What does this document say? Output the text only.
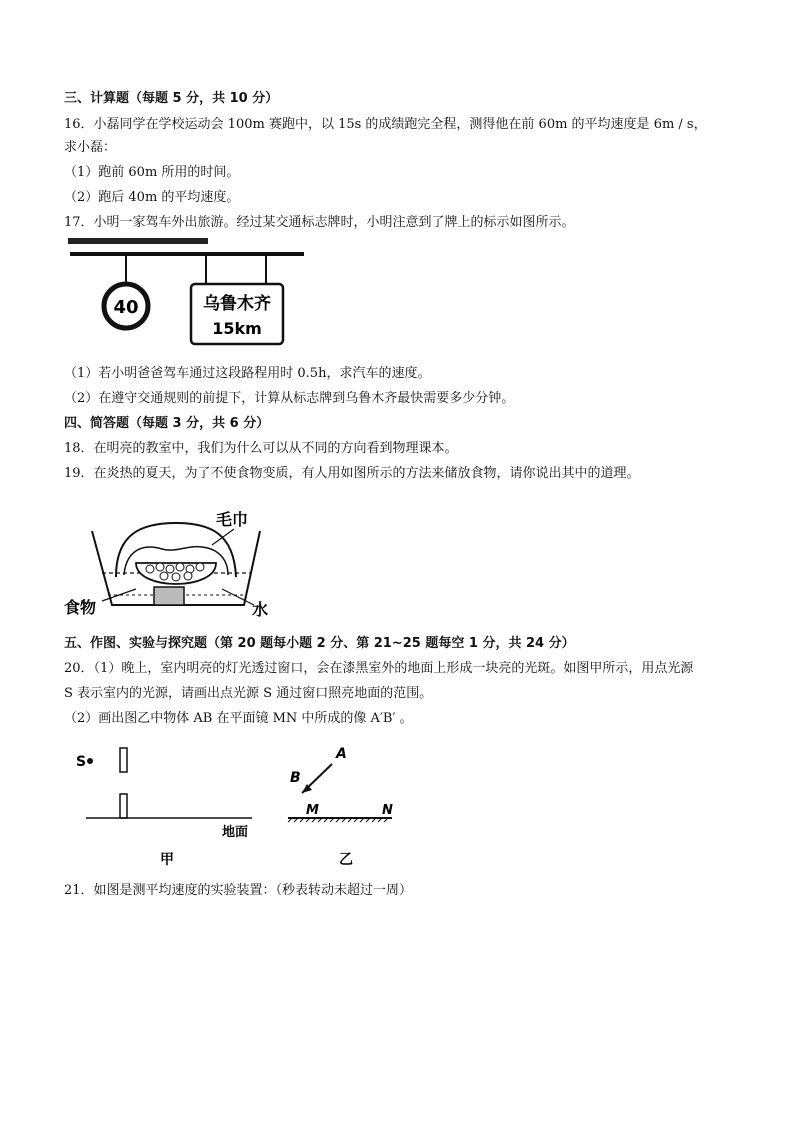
三、计算题（每题 5 分，共 10 分）
16．小磊同学在学校运动会 100m 赛跑中，以 15s 的成绩跑完全程，测得他在前 60m 的平均速度是 6m / s，
求小磊：
（1）跑前 60m 所用的时间。
（2）跑后 40m 的平均速度。
17．小明一家驾车外出旅游。经过某交通标志牌时，小明注意到了牌上的标示如图所示。
40	乌鲁木齐
15km
（1）若小明爸爸驾车通过这段路程用时 0.5h，求汽车的速度。
（2）在遵守交通规则的前提下，计算从标志牌到乌鲁木齐最快需要多少分钟。
四、简答题（每题 3 分，共 6 分）
18．在明亮的教室中，我们为什么可以从不同的方向看到物理课本。
19．在炎热的夏天，为了不使食物变质，有人用如图所示的方法来储放食物，请你说出其中的道理。
毛巾
食物	水
五、作图、实验与探究题（第 20 题每小题 2 分、第 21~25 题每空 1 分，共 24 分）
20．（1）晚上，室内明亮的灯光透过窗口，会在漆黑室外的地面上形成一块亮的光斑。如图甲所示，用点光源
S 表示室内的光源，请画出点光源 S 通过窗口照亮地面的范围。
（2）画出图乙中物体 AB 在平面镜 MN 中所成的像 A′B′ 。
S
地面
甲
A
B
M	N
乙
21．如图是测平均速度的实验装置：（秒表转动未超过一周）
